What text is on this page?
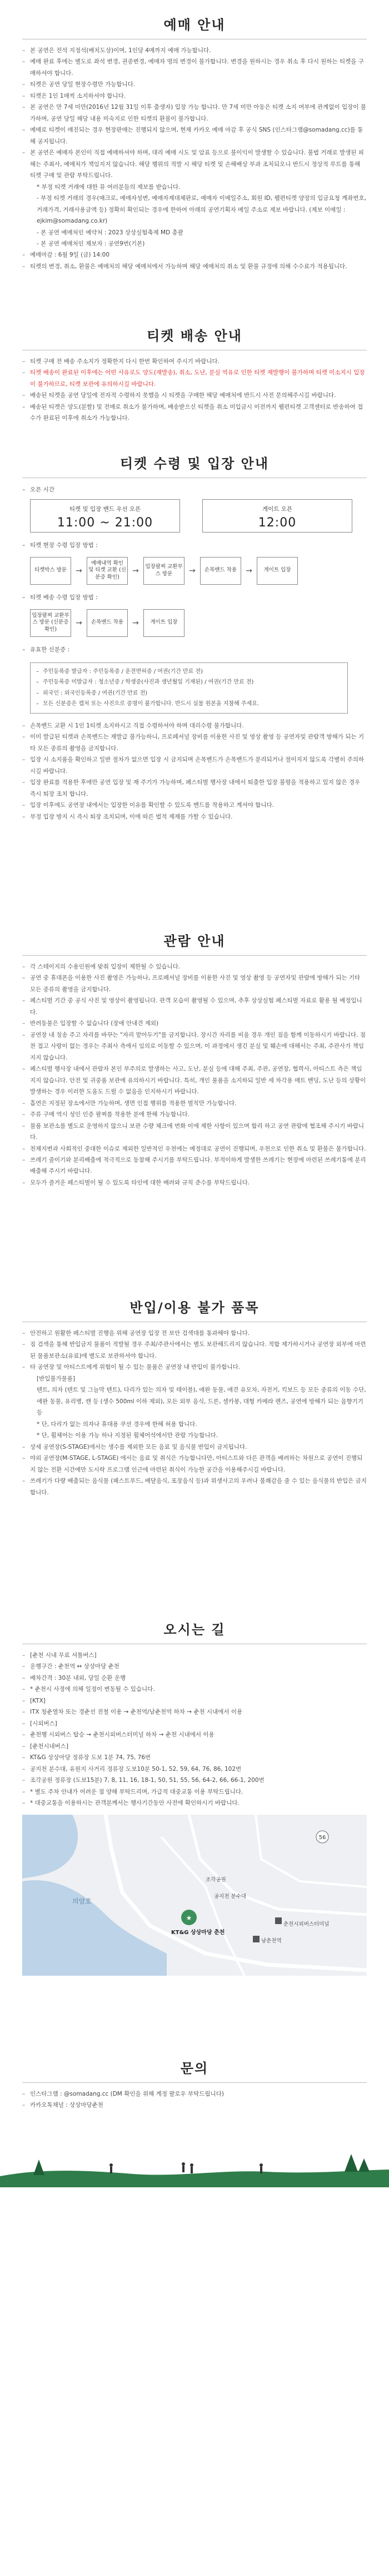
예매 안내
– 본 공연은 전석 지정석(배치도상)이며, 1인당 4매까지 예매 가능합니다.
– 예매 완료 후에는 별도로 좌석 변경, 권종변경, 예매자 명의 변경이 불가합니다. 변경을 원하시는 경우 취소 후 다시 원하는 티켓을 구매하셔야 합니다.
– 티켓은 공연 당일 현장수령만 가능합니다.
– 티켓은 1인 1매씩 소지하셔야 합니다.
– 본 공연은 만 7세 미만(2016년 12월 31일 이후 출생자) 입장 가능 합니다. 만 7세 미만 아동은 티켓 소지 여부에 관계없이 입장이 불가하며, 공연 당일 해당 내용 미숙지로 인한 티켓의 환불이 불가합니다.
– 예매로 티켓이 매진되는 경우 현장판매는 진행되지 않으며, 현재 카카오 예매 마감 후 공식 SNS (인스타그램@somadang.cc)를 통해 공지됩니다.
– 본 공연은 예매자 본인이 직접 예매하셔야 하며, 대리 예매 시도 및 암표 등으로 불이익이 발생할 수 있습니다. 불법 거래로 발생된 피해는 주최사, 예매처가 책임지지 않습니다. 해당 행위의 적발 시 해당 티켓 및 손해배상 부과 조치되오니 반드시 정상적 루트를 통해 티켓 구매 및 관람 부탁드립니다.
* 부정 티켓 거래에 대한 뮤 여러분들의 제보를 받습니다.
- 부정 티켓 거래의 경우(매크로, 예매자성변, 예매자제대체판로, 예매자 이메일주소, 회원 ID, 웰편티켓 양장의 입금요청 계좌번호, 거래가격, 거래사용금액 등) 정확히 확인되는 경우에 한하여 아래의 공연기획자 메일 주소로 제보 바랍니다. (제보 이메일 : ejkim@somadang.co.kr)
- 본 공연 예매처인 예약처 : 2023 상상실험축제 MD 총괄
- 본 공연 예매처인 제보자 : 공연9번(기본)
– 예매마감 : 6월 9일 (금) 14:00
– 티켓의 변경, 취소, 환불은 예매처의 해당 예매처에서 가능하며 해당 예매처의 취소 및 환불 규정에 의해 수수료가 적용됩니다.
티켓 배송 안내
– 티켓 구매 전 배송 주소지가 정확한지 다시 한번 확인하여 주시기 바랍니다.
– 티켓 배송이 완료된 이후에는 어떤 사유로도 양도(재발송), 취소, 도난, 분실 역유로 인한 티켓 재발행이 불가하며 티켓 미소지시 입장이 불가하므로, 티켓 보관에 유의하시길 바랍니다.
– 배송된 티켓을 공연 당일에 전자적 수령하지 못했을 시 티켓을 구매한 해당 예매처에 반드시 사전 문의해주시길 바랍니다.
– 배송된 티켓은 양도(분할) 및 전매로 취소가 불가하며, 배송받으신 티켓을 취소 미입금시 이전까지 웰편티켓 고객센터로 반송하여 접수가 완료된 이후에 취소가 가능합니다.
티켓 수령 및 입장 안내
– 오픈 시간
티켓 및 입장 밴드 우선 오픈
11:00 ~ 21:00
게이트 오픈
12:00
– 티켓 현장 수령 입장 방법 :
티켓박스 방문	→
예매내역 확인 및 티켓 교환 (신분증 확인)
→	입장팔찌 교환부스 방문	→	손목밴드 착용	→	게이트 입장
– 티켓 배송 수령 입장 방법 :
입장팔찌 교환부스 방문 (신분증 확인)
→	손목밴드 착용	→	게이트 입장
– 유효한 신분증 :
– 주민등록증 발급자 : 주민등록증 / 운전면허증 / 여권(기간 만료 전)
– 주민등록증 미발급자 : 청소년증 / 학생증(사진과 생년월일 기재된) / 여권(기간 만료 전)
– 외국인 : 외국인등록증 / 여권(기간 만료 전)
– 모든 신분증은 캡처 또는 사진으로 증명이 불가합니다. 반드시 실물 원본을 지참해 주세요.
– 손목밴드 교환 시 1인 1티켓 소지하시고 직접 수령하셔야 하며 대리수령 불가합니다.
– 이미 발급된 티켓과 손목밴드는 재발급 불가능하니, 프로페셔널 장비를 이용한 사진 및 영상 촬영 등 공연자및 관람객 방해가 되는 기타 모든 종류의 촬영을 금지합니다.
– 입장 시 소지품을 확인하고 일반 절차가 없으면 입장 시 금지되며 손목밴드가 손목밴드가 분리되거나 절이지지 않도록 각별히 주의하시길 바랍니다.
– 입장 완료를 적용한 후에만 공연 입장 및 재 주기가 가능하며, 페스티벌 행사장 내에서 퇴출한 입장 불평을 적용하고 있지 않은 경우 즉시 퇴장 조치 합니다.
– 입장 이후에도 공연장 내에서는 입장한 이유를 확인할 수 있도록 밴드를 착용하고 계셔야 합니다.
– 부정 입장 방지 시 즉시 퇴장 조치되며, 이에 따른 법적 제재를 가할 수 있습니다.
관람 안내
– 각 스테이지의 수용인원에 맞춰 입장이 제한될 수 있습니다.
– 공연 중 휴대폰을 이용한 사진 촬영은 가능하나, 프로페셔널 장비를 이용한 사진 및 영상 촬영 등 공연자및 관람에 방해가 되는 기타 모든 종류의 촬영을 금지합니다.
– 페스티벌 기간 중 공식 사진 및 영상이 촬영됩니다. 관객 모습이 촬영될 수 있으며, 추후 상상실험 페스티벌 자료로 활용 될 예정입니다.
– 반려동물은 입장할 수 없습니다 (장애 안내견 제외)
– 공연장 내 칭송 주고 자리를 바꾸는 "자리 맡아두기"를 금지합니다. 장시간 자리를 비울 경우 개인 짐을 함께 이동하시기 바랍니다. 점찬 접고 사랑이 없는 경우는 주최사 측에서 임의로 이동할 수 있으며, 이 과정에서 생긴 분실 및 훼손에 대해서는 주최, 주관사가 책임지지 않습니다.
– 페스티벌 행사장 내에서 관람자 본인 부주의로 발생하는 사고, 도난, 분실 등에 대해 주최, 주관, 공연장, 협력사, 아티스트 측은 책임지지 않습니다. 안전 및 귀중품 보관에 유의하시기 바랍니다. 특히, 개인 물품을 소지하되 일반 세 차각용 매트 밴딩, 도난 등의 상황이 발생하는 경우 이러한 도움도 드릴 수 없음을 인지하시기 바랍니다.
– 흡연은 지정된 장소에서만 가능하며, 생면 인접 행위를 적용한 벌칙만 가능합니다.
– 주류 구매 역시 성인 인증 팔찌를 착용한 분에 한해 가능합니다.
– 물품 보관소를 별도로 운영하지 않으니 보관 수량 체크에 번화 이에 제한 사항이 있으며 합리 하고 공연 관람에 협조해 주시기 바랍니다.
– 천재지변과 사회적인 중대한 이슈로 제외한 일반적인 우천에는 예정대로 공연이 진행되며, 우천으로 인한 취소 및 환불은 불가합니다.
– 쓰레기 줄이기와 분리배출에 적극적으로 동참해 주시기를 부탁드립니다. 부적이하게 발생한 쓰레기는 현장에 마련된 쓰레기통에 분리배출해 주시기 바랍니다.
– 모두가 즐거운 페스티벌이 될 수 있도록 타인에 대한 배려와 규칙 준수를 부탁드립니다.
반입/이용 불가 품목
– 안전하고 원활한 페스티벌 진행을 위해 공연장 입장 전 보안 검색대를 통과해야 합니다.
– 짐 검색을 통해 반입금지 물품이 적발될 경우 주최/주관사에서는 별도 보관해드리지 않습니다. 적합 제가하시거나 공연장 외부에 마련된 물품보관소(유료)에 별도로 보관하셔야 합니다.
– 타 공연장 및 아티스트에게 위험이 될 수 있는 물품은 공연장 내 반입이 불가합니다.
[반입불가물품]
텐트, 의자 (텐트 및 그늘막 텐트), 다리가 있는 의자 및 테이블), 애완 동물, 애견 유모차, 자전거, 킥보드 등 모든 종류의 이동 수단, 애완 동물, 유리병, 캔 등 (생수 500ml 이하 제외), 모든 외부 음식, 드론, 셀카봉, 대형 카메라 렌즈, 공연에 방해가 되는 음향기기 등
* 단, 다리가 없는 의자나 휴대용 쿠션 경우에 한해 허용 합니다.
* 단, 휠체어는 이용 가능 하나 지정된 휠체어석에서만 관람 가능합니다.
– 상세 공연장(S-STAGE)에서는 생수를 제외한 모든 음료 및 음식물 반입이 금지됩니다.
– 야외 공연장(M-STAGE, L-STAGE) 에서는 음료 및 취식은 가능합니다만, 아티스트와 다른 관객을 배려하는 차원으로 공연이 진행되지 않는 전환 시간에만 도시락 프로그램 인근에 마련된 취식이 가능한 공간을 이용해주시길 바랍니다.
– 쓰레기가 다량 배출되는 음식물 (패스트푸드, 배달음식, 포장음식 등)과 위생사고의 우려나 불쾌감을 줄 수 있는 음식물의 반입은 금지합니다.
오시는 길
– [춘천 시내 무료 셔틀버스]
– 운행구간 : 춘천역 ↔ 상상마당 춘천
– 배차간격 : 30분 내외, 당일 순환 운행
– * 춘천시 사정에 의해 일정이 변동될 수 있습니다.
– [KTX]
– ITX 청춘열차 또는 경춘선 전철 이용 → 춘천역/남춘천역 하차 → 춘천 시내에서 이용
– [시외버스]
– 춘천행 시외버스 탑승 → 춘천시외버스터미널 하차 → 춘천 시내에서 이용
– [춘천시내버스]
– KT&G 상상마당 정류장 도보 1분 74, 75, 76번
– 공지천 분수대, 유원지 사거리 정류장 도보10분 50-1, 52, 59, 64, 76, 86, 102번
– 조각공원 정류장 (도보15분) 7, 8, 11, 16, 18-1, 50, 51, 55, 56, 64-2, 66, 66-1, 200번
– * 별도 주차 안내가 어려운 점 양해 부탁드리며, 가급적 대중교통 이용 부탁드립니다.
– * 대중교통을 이용하시는 관객분께서는 행사기간동안 사전에 확인하시기 바랍니다.
56
의암호
★
KT&G 상상마당 춘천
조각공원
공지천 분수대
남춘천역
춘천시외버스터미널
문의
– 인스타그램 : @somadang.cc (DM 확인을 위해 계정 팔로우 부탁드립니다)
– 카카오톡채널 : 상상마당춘천
